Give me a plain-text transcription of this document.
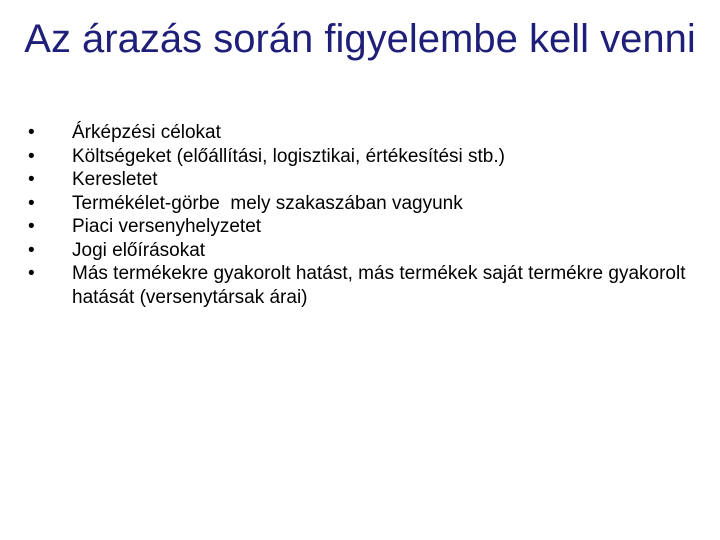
Az árazás során figyelembe kell venni
•	Árképzési célokat
•	Költségeket (előállítási, logisztikai, értékesítési stb.)
•	Keresletet
•	Termékélet-görbe  mely szakaszában vagyunk
•	Piaci versenyhelyzetet
•	Jogi előírásokat
•	Más termékekre gyakorolt hatást, más termékek saját termékre gyakorolt hatását (versenytársak árai)
